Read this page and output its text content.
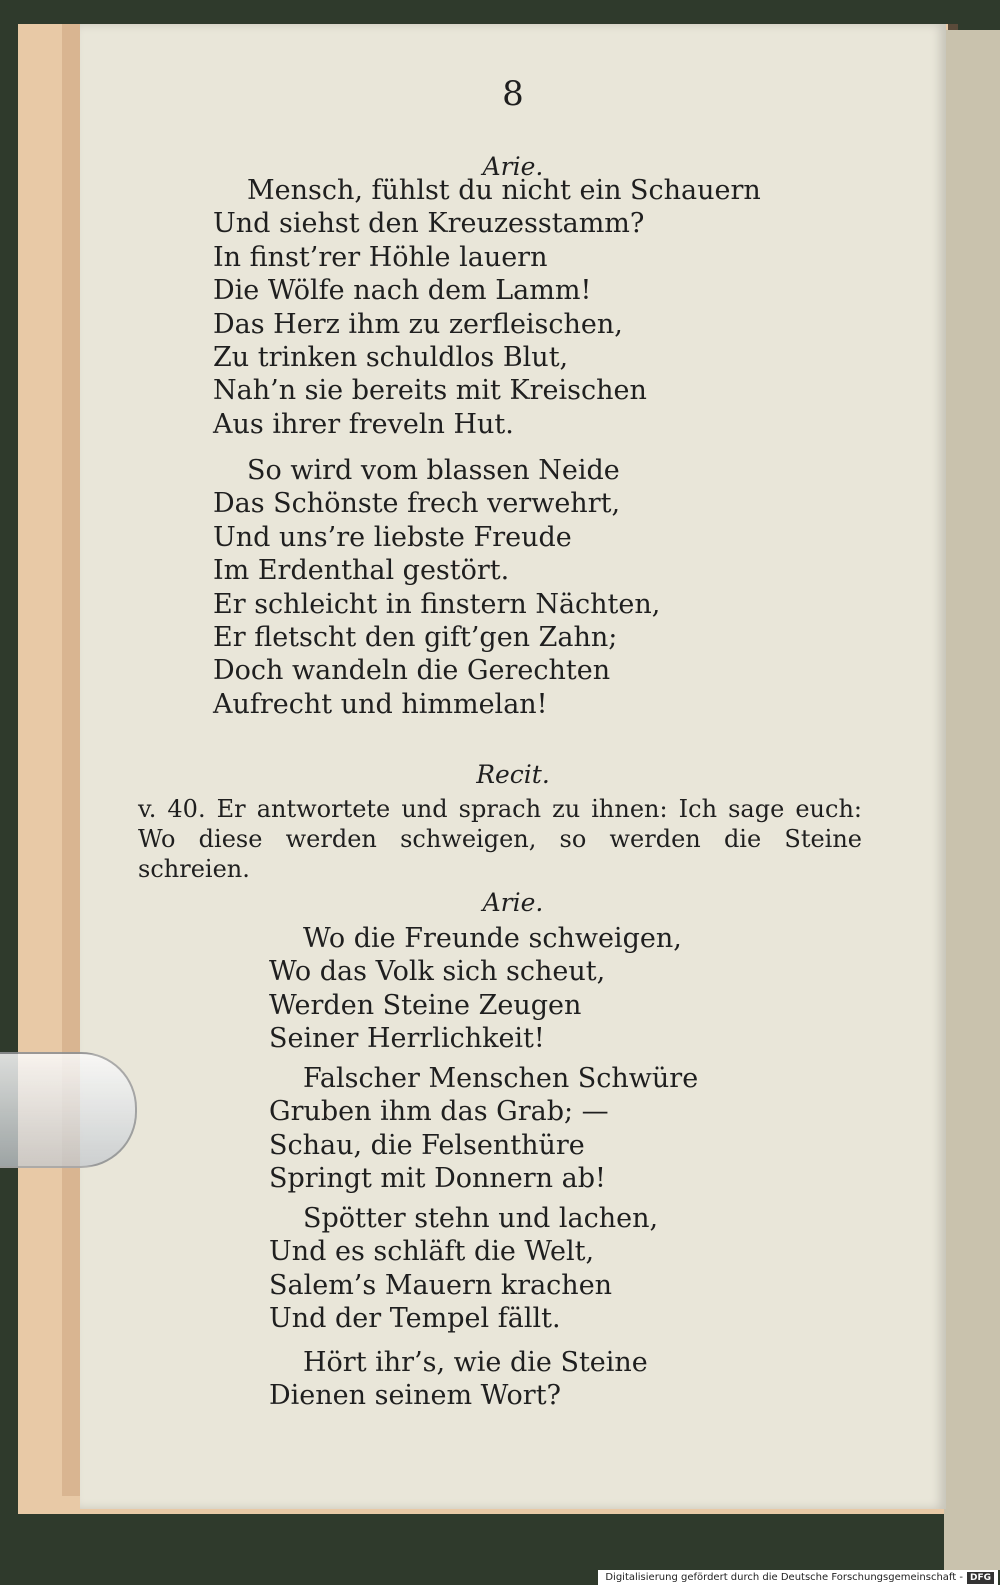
8
Arie.
Mensch, fühlst du nicht ein Schauern
Und siehst den Kreuzesstamm?
In finst’rer Höhle lauern
Die Wölfe nach dem Lamm!
Das Herz ihm zu zerfleischen,
Zu trinken schuldlos Blut,
Nah’n sie bereits mit Kreischen
Aus ihrer freveln Hut.
So wird vom blassen Neide
Das Schönste frech verwehrt,
Und uns’re liebste Freude
Im Erdenthal gestört.
Er schleicht in finstern Nächten,
Er fletscht den gift’gen Zahn;
Doch wandeln die Gerechten
Aufrecht und himmelan!
Recit.
v. 40. Er antwortete und sprach zu ihnen: Ich sage euch: Wo diese werden schweigen, so werden die Steine schreien.
Arie.
Wo die Freunde schweigen,
Wo das Volk sich scheut,
Werden Steine Zeugen
Seiner Herrlichkeit!
Falscher Menschen Schwüre
Gruben ihm das Grab; —
Schau, die Felsenthüre
Springt mit Donnern ab!
Spötter stehn und lachen,
Und es schläft die Welt,
Salem’s Mauern krachen
Und der Tempel fällt.
Hört ihr’s, wie die Steine
Dienen seinem Wort?
Digitalisierung gefördert durch die Deutsche Forschungsgemeinschaft - DFG
